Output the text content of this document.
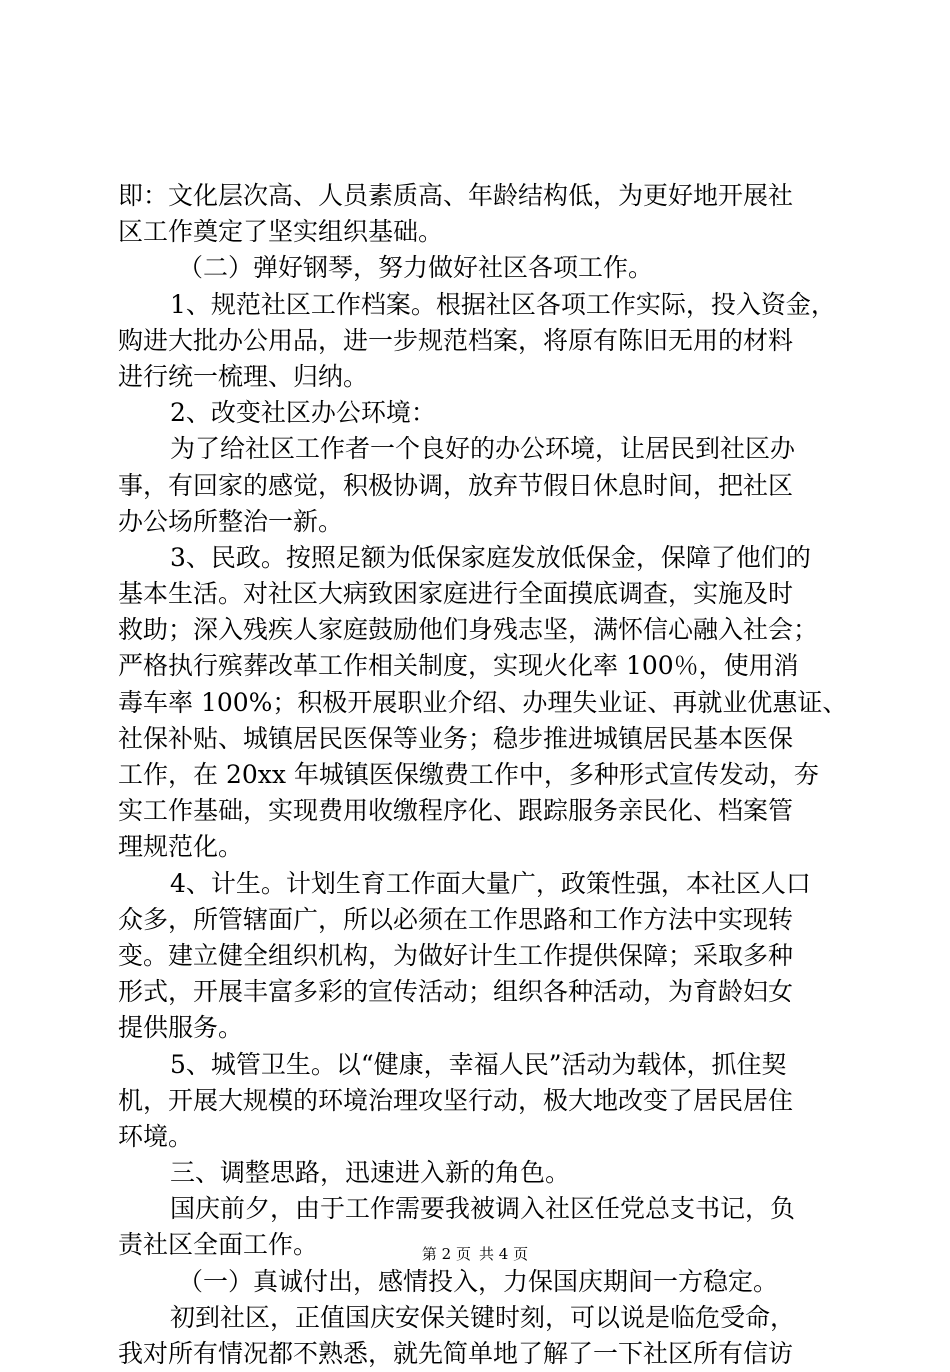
即：文化层次高、人员素质高、年龄结构低，为更好地开展社
区工作奠定了坚实组织基础。
（二）弹好钢琴，努力做好社区各项工作。
1、规范社区工作档案。根据社区各项工作实际，投入资金，
购进大批办公用品，进一步规范档案，将原有陈旧无用的材料
进行统一梳理、归纳。
2、改变社区办公环境：
为了给社区工作者一个良好的办公环境，让居民到社区办
事，有回家的感觉，积极协调，放弃节假日休息时间，把社区
办公场所整治一新。
3、民政。按照足额为低保家庭发放低保金，保障了他们的
基本生活。对社区大病致困家庭进行全面摸底调查，实施及时
救助；深入残疾人家庭鼓励他们身残志坚，满怀信心融入社会；
严格执行殡葬改革工作相关制度，实现火化率 100％，使用消
毒车率 100%；积极开展职业介绍、办理失业证、再就业优惠证、
社保补贴、城镇居民医保等业务；稳步推进城镇居民基本医保
工作，在 20xx 年城镇医保缴费工作中，多种形式宣传发动，夯
实工作基础，实现费用收缴程序化、跟踪服务亲民化、档案管
理规范化。
4、计生。计划生育工作面大量广，政策性强，本社区人口
众多，所管辖面广，所以必须在工作思路和工作方法中实现转
变。建立健全组织机构，为做好计生工作提供保障；采取多种
形式，开展丰富多彩的宣传活动；组织各种活动，为育龄妇女
提供服务。
5、城管卫生。以“健康，幸福人民”活动为载体，抓住契
机，开展大规模的环境治理攻坚行动，极大地改变了居民居住
环境。
三、调整思路，迅速进入新的角色。
国庆前夕，由于工作需要我被调入社区任党总支书记，负
责社区全面工作。
（一）真诚付出，感情投入，力保国庆期间一方稳定。
初到社区，正值国庆安保关键时刻，可以说是临危受命，
我对所有情况都不熟悉，就先简单地了解了一下社区所有信访
第 2 页 共 4 页
